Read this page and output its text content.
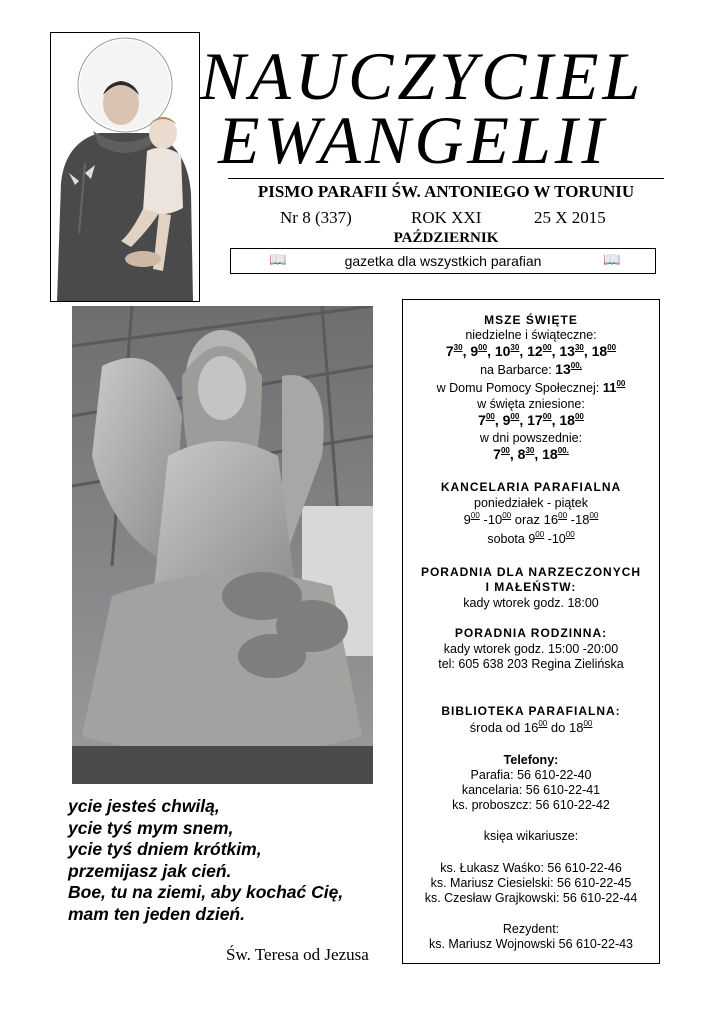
NAUCZYCIEL
EWANGELII
PISMO PARAFII ŚW. ANTONIEGO W TORUNIU
Nr 8 (337)	ROK XXI	25 X 2015
PAŹDZIERNIK
📖	gazetka dla wszystkich parafian	📖
ycie jesteś chwilą,
ycie tyś mym snem,
ycie tyś dniem krótkim,
przemijasz jak cień.
Boe, tu na ziemi, aby kochać Cię,
mam ten jeden dzień.
Św. Teresa od Jezusa
MSZE ŚWIĘTE
niedzielne i świąteczne:
$7^{30}$, $9^{00}$, $10^{30}$, $12^{00}$, $13^{30}$, $18^{00}$
na Barbarce: $13^{00,}$
w Domu Pomocy Społecznej: $11^{00}$
w święta zniesione:
$7^{00}$, $9^{00}$, $17^{00}$, $18^{00}$
w dni powszednie:
$7^{00}$, $8^{30}$, $18^{00.}$
KANCELARIA PARAFIALNA
poniedziałek - piątek
$9^{00}$ $-10^{00}$ oraz $16^{00}$ $-18^{00}$
sobota $9^{00}$ $-10^{00}$
PORADNIA DLA NARZECZONYCH
I MAŁEŃSTW:
kady wtorek godz. 18:00
PORADNIA RODZINNA:
kady wtorek godz. 15:00 -20:00
tel: 605 638 203 Regina Zielińska
BIBLIOTEKA PARAFIALNA:
środa od $16^{00}$ do $18^{00}$
Telefony:
Parafia: 56 610-22-40
kancelaria: 56 610-22-41
ks. proboszcz: 56 610-22-42
księa wikariusze:
ks. Łukasz Waśko: 56 610-22-46
ks. Mariusz Ciesielski: 56 610-22-45
ks. Czesław Grajkowski: 56 610-22-44
Rezydent:
ks. Mariusz Wojnowski 56 610-22-43
